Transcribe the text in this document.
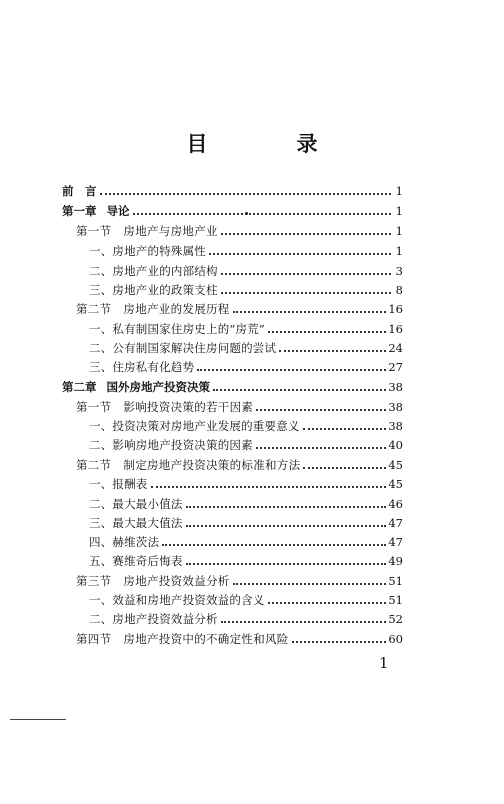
目　录
前　言	1
第一章 导论	1
第一节 房地产与房地产业	1
一、房地产的特殊属性	1
二、房地产业的内部结构	3
三、房地产业的政策支柱	8
第二节 房地产业的发展历程	16
一、私有制国家住房史上的“房荒”	16
二、公有制国家解决住房问题的尝试	24
三、住房私有化趋势	27
第二章 国外房地产投资决策	38
第一节 影响投资决策的若干因素	38
一、投资决策对房地产业发展的重要意义	38
二、影响房地产投资决策的因素	40
第二节 制定房地产投资决策的标准和方法	45
一、报酬表	45
二、最大最小值法	46
三、最大最大值法	47
四、赫维茨法	47
五、赛维奇后悔表	49
第三节 房地产投资效益分析	51
一、效益和房地产投资效益的含义	51
二、房地产投资效益分析	52
第四节 房地产投资中的不确定性和风险	60
1
